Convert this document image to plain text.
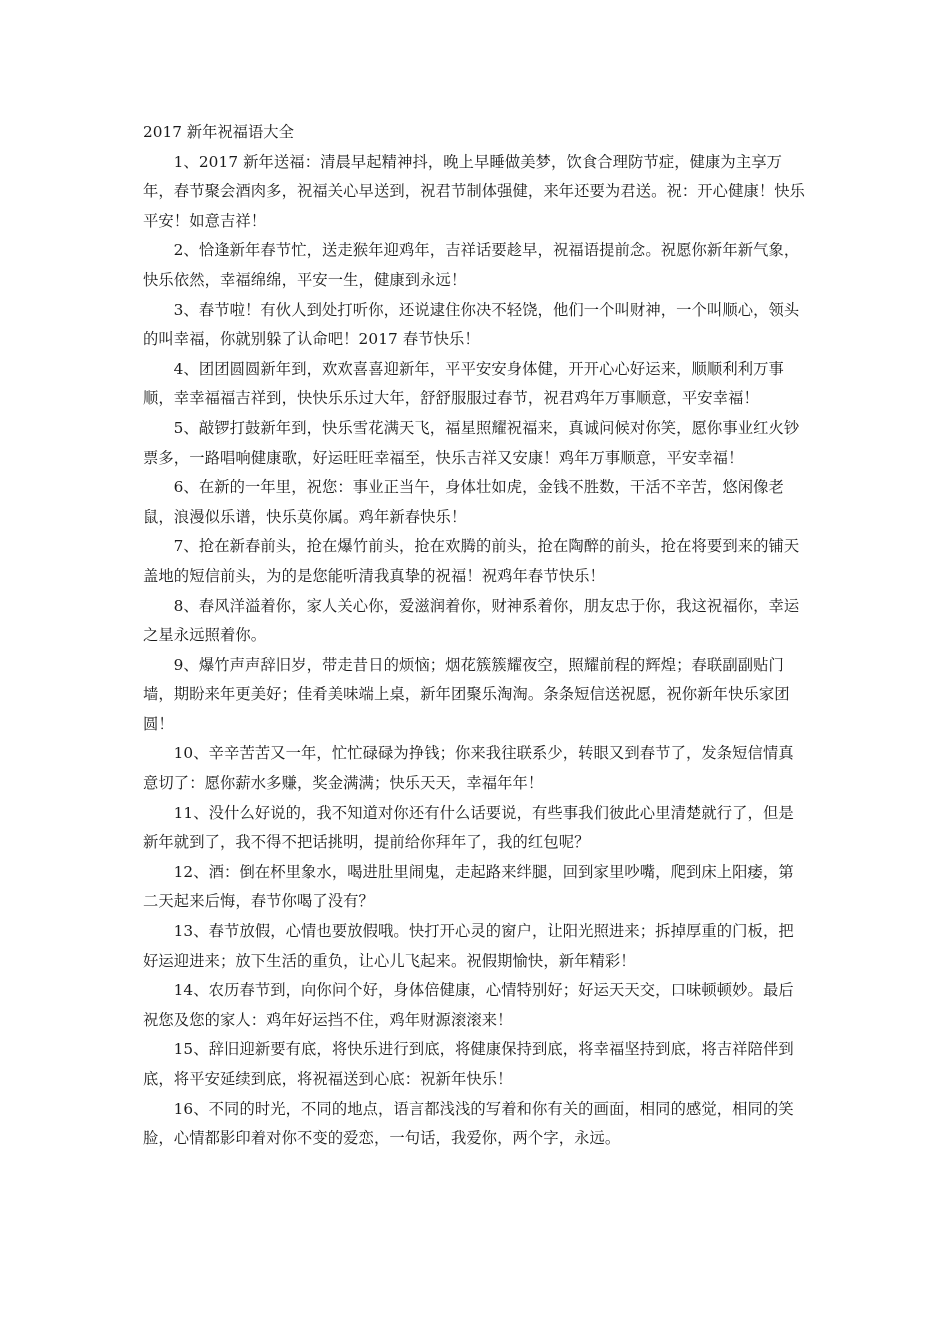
2017 新年祝福语大全

1、2017 新年送福：清晨早起精神抖，晚上早睡做美梦，饮食合理防节症，健康为主享万年，春节聚会酒肉多，祝福关心早送到，祝君节制体强健，来年还要为君送。祝：开心健康！快乐平安！如意吉祥！

2、恰逢新年春节忙，送走猴年迎鸡年，吉祥话要趁早，祝福语提前念。祝愿你新年新气象，快乐依然，幸福绵绵，平安一生，健康到永远！

3、春节啦！有伙人到处打听你，还说逮住你决不轻饶，他们一个叫财神，一个叫顺心，领头的叫幸福，你就别躲了认命吧！2017 春节快乐！

4、团团圆圆新年到，欢欢喜喜迎新年，平平安安身体健，开开心心好运来，顺顺利利万事顺，幸幸福福吉祥到，快快乐乐过大年，舒舒服服过春节，祝君鸡年万事顺意，平安幸福！

5、敲锣打鼓新年到，快乐雪花满天飞，福星照耀祝福来，真诚问候对你笑，愿你事业红火钞票多，一路唱响健康歌，好运旺旺幸福至，快乐吉祥又安康！鸡年万事顺意，平安幸福！

6、在新的一年里，祝您：事业正当午，身体壮如虎，金钱不胜数，干活不辛苦，悠闲像老鼠，浪漫似乐谱，快乐莫你属。鸡年新春快乐！

7、抢在新春前头，抢在爆竹前头，抢在欢腾的前头，抢在陶醉的前头，抢在将要到来的铺天盖地的短信前头，为的是您能听清我真挚的祝福！祝鸡年春节快乐！

8、春风洋溢着你，家人关心你，爱滋润着你，财神系着你，朋友忠于你，我这祝福你，幸运之星永远照着你。

9、爆竹声声辞旧岁，带走昔日的烦恼；烟花簇簇耀夜空，照耀前程的辉煌；春联副副贴门墙，期盼来年更美好；佳肴美味端上桌，新年团聚乐淘淘。条条短信送祝愿，祝你新年快乐家团圆！

10、辛辛苦苦又一年，忙忙碌碌为挣钱；你来我往联系少，转眼又到春节了，发条短信情真意切了：愿你薪水多赚，奖金满满；快乐天天，幸福年年！

11、没什么好说的，我不知道对你还有什么话要说，有些事我们彼此心里清楚就行了，但是新年就到了，我不得不把话挑明，提前给你拜年了，我的红包呢？

12、酒：倒在杯里象水，喝进肚里闹鬼，走起路来绊腿，回到家里吵嘴，爬到床上阳痿，第二天起来后悔，春节你喝了没有？

13、春节放假，心情也要放假哦。快打开心灵的窗户，让阳光照进来；拆掉厚重的门板，把好运迎进来；放下生活的重负，让心儿飞起来。祝假期愉快，新年精彩！

14、农历春节到，向你问个好，身体倍健康，心情特别好；好运天天交，口味顿顿妙。最后祝您及您的家人：鸡年好运挡不住，鸡年财源滚滚来！

15、辞旧迎新要有底，将快乐进行到底，将健康保持到底，将幸福坚持到底，将吉祥陪伴到底，将平安延续到底，将祝福送到心底：祝新年快乐！

16、不同的时光，不同的地点，语言都浅浅的写着和你有关的画面，相同的感觉，相同的笑脸，心情都影印着对你不变的爱恋，一句话，我爱你，两个字，永远。
